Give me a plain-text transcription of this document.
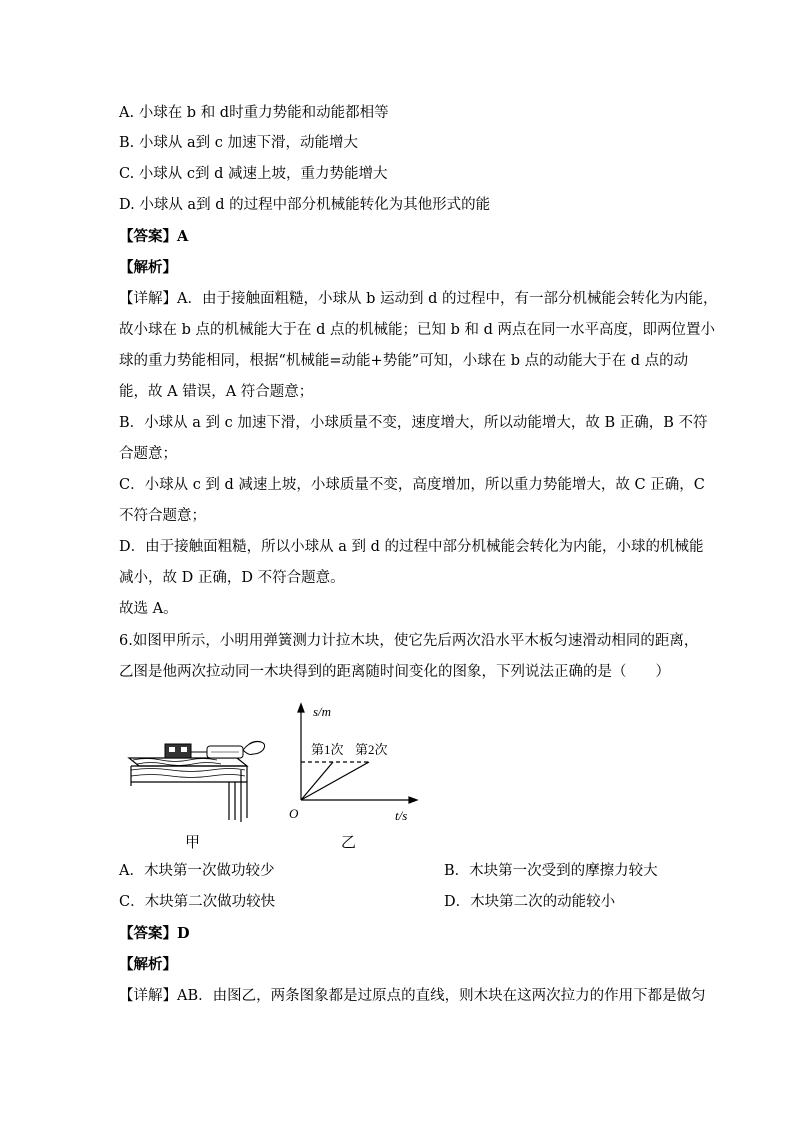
A. 小球在 b 和 d时重力势能和动能都相等
B. 小球从 a到 c 加速下滑，动能增大
C. 小球从 c到 d 减速上坡，重力势能增大
D. 小球从 a到 d 的过程中部分机械能转化为其他形式的能
【答案】A
【解析】
【详解】A．由于接触面粗糙，小球从 b 运动到 d 的过程中，有一部分机械能会转化为内能，
故小球在 b 点的机械能大于在 d 点的机械能；已知 b 和 d 两点在同一水平高度，即两位置小
球的重力势能相同，根据“机械能=动能+势能”可知，小球在 b 点的动能大于在 d 点的动
能，故 A 错误，A 符合题意；
B．小球从 a 到 c 加速下滑，小球质量不变，速度增大，所以动能增大，故 B 正确，B 不符
合题意；
C．小球从 c 到 d 减速上坡，小球质量不变，高度增加，所以重力势能增大，故 C 正确，C
不符合题意；
D．由于接触面粗糙，所以小球从 a 到 d 的过程中部分机械能会转化为内能，小球的机械能
减小，故 D 正确，D 不符合题意。
故选 A。
6.如图甲所示，小明用弹簧测力计拉木块，使它先后两次沿水平木板匀速滑动相同的距离，
乙图是他两次拉动同一木块得到的距离随时间变化的图象，下列说法正确的是（　　）
s/m
第1次 第2次
O	t/s
甲	乙
A．木块第一次做功较少	B．木块第一次受到的摩擦力较大
C．木块第二次做功较快	D．木块第二次的动能较小
【答案】D
【解析】
【详解】AB．由图乙，两条图象都是过原点的直线，则木块在这两次拉力的作用下都是做匀
